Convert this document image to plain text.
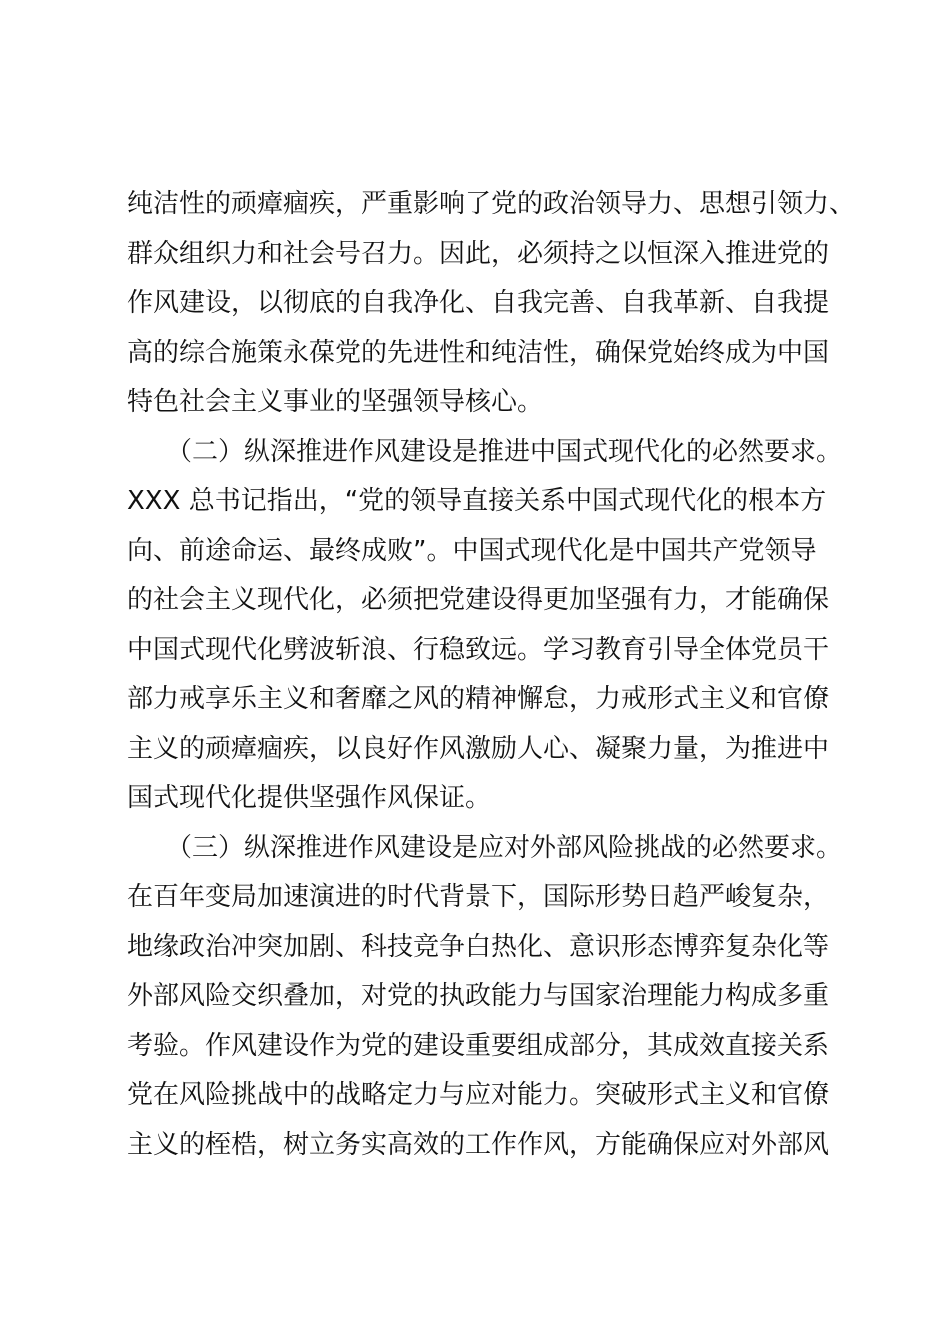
纯洁性的顽瘴痼疾，严重影响了党的政治领导力、思想引领力、
群众组织力和社会号召力。因此，必须持之以恒深入推进党的
作风建设，以彻底的自我净化、自我完善、自我革新、自我提
高的综合施策永葆党的先进性和纯洁性，确保党始终成为中国
特色社会主义事业的坚强领导核心。
　　（二）纵深推进作风建设是推进中国式现代化的必然要求。
XXX 总书记指出，“党的领导直接关系中国式现代化的根本方
向、前途命运、最终成败”。中国式现代化是中国共产党领导
的社会主义现代化，必须把党建设得更加坚强有力，才能确保
中国式现代化劈波斩浪、行稳致远。学习教育引导全体党员干
部力戒享乐主义和奢靡之风的精神懈怠，力戒形式主义和官僚
主义的顽瘴痼疾，以良好作风激励人心、凝聚力量，为推进中
国式现代化提供坚强作风保证。
　　（三）纵深推进作风建设是应对外部风险挑战的必然要求。
在百年变局加速演进的时代背景下，国际形势日趋严峻复杂，
地缘政治冲突加剧、科技竞争白热化、意识形态博弈复杂化等
外部风险交织叠加，对党的执政能力与国家治理能力构成多重
考验。作风建设作为党的建设重要组成部分，其成效直接关系
党在风险挑战中的战略定力与应对能力。突破形式主义和官僚
主义的桎梏，树立务实高效的工作作风，方能确保应对外部风
